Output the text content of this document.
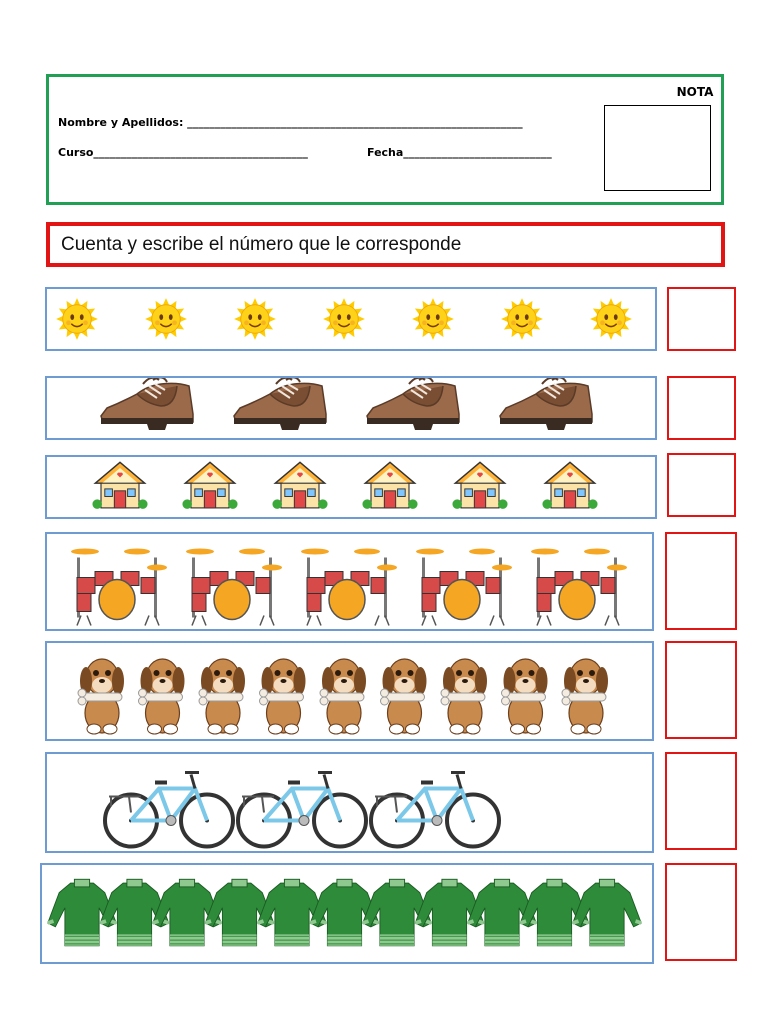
Nombre y Apellidos: _____________________________________________________________
Curso_______________________________________	Fecha___________________________
NOTA
Cuenta y escribe el número que le corresponde
